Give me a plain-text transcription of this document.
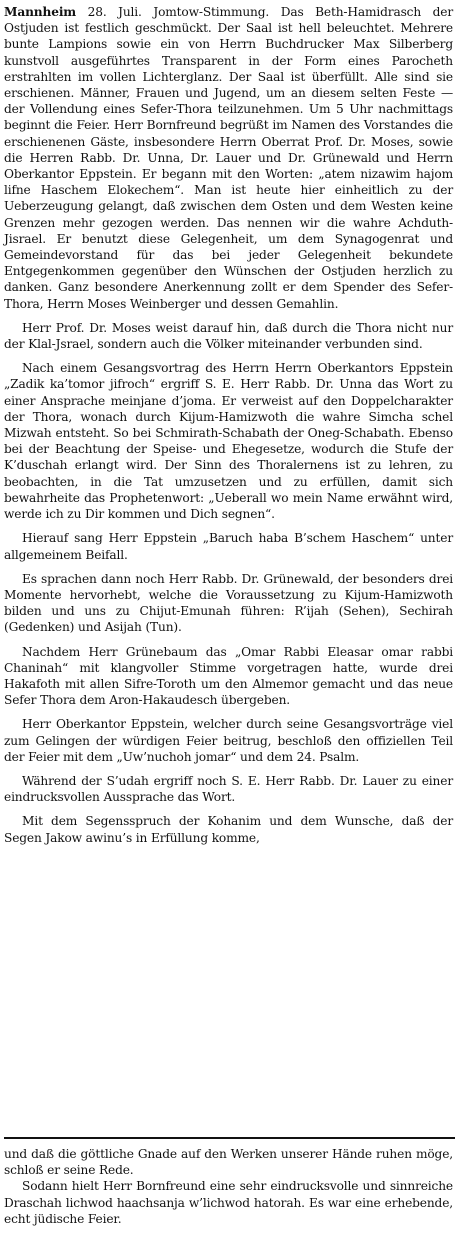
Mannheim 28. Juli. Jomtow-Stimmung. Das Beth-Hamidrasch der Ostjuden ist festlich geschmückt. Der Saal ist hell beleuchtet. Mehrere bunte Lampions sowie ein von Herrn Buchdrucker Max Silberberg kunstvoll ausgeführtes Transparent in der Form eines Parocheth erstrahlten im vollen Lichterglanz. Der Saal ist überfüllt. Alle sind sie erschienen. Männer, Frauen und Jugend, um an diesem selten Feste — der Vollendung eines Sefer-Thora teilzunehmen. Um 5 Uhr nachmittags beginnt die Feier. Herr Bornfreund begrüßt im Namen des Vorstandes die erschienenen Gäste, insbesondere Herrn Oberrat Prof. Dr. Moses, sowie die Herren Rabb. Dr. Unna, Dr. Lauer und Dr. Grünewald und Herrn Oberkantor Eppstein. Er begann mit den Worten: „atem nizawim hajom lifne Haschem Elokechem“. Man ist heute hier einheitlich zu der Ueberzeugung gelangt, daß zwischen dem Osten und dem Westen keine Grenzen mehr gezogen werden. Das nennen wir die wahre Achduth-Jisrael. Er benutzt diese Gelegenheit, um dem Synagogenrat und Gemeindevorstand für das bei jeder Gelegenheit bekundete Entgegenkommen gegenüber den Wünschen der Ostjuden herzlich zu danken. Ganz besondere Anerkennung zollt er dem Spender des Sefer-Thora, Herrn Moses Weinberger und dessen Gemahlin.

Herr Prof. Dr. Moses weist darauf hin, daß durch die Thora nicht nur der Klal-Jsrael, sondern auch die Völker miteinander verbunden sind.

Nach einem Gesangsvortrag des Herrn Herrn Oberkantors Eppstein „Zadik ka’tomor jifroch“ ergriff S. E. Herr Rabb. Dr. Unna das Wort zu einer Ansprache meinjane d’joma. Er verweist auf den Doppelcharakter der Thora, wonach durch Kijum-Hamizwoth die wahre Simcha schel Mizwah entsteht. So bei Schmirath-Schabath der Oneg-Schabath. Ebenso bei der Beachtung der Speise- und Ehegesetze, wodurch die Stufe der K’duschah erlangt wird. Der Sinn des Thoralernens ist zu lehren, zu beobachten, in die Tat umzusetzen und zu erfüllen, damit sich bewahrheite das Prophetenwort: „Ueberall wo mein Name erwähnt wird, werde ich zu Dir kommen und Dich segnen“.

Hierauf sang Herr Eppstein „Baruch haba B’schem Haschem“ unter allgemeinem Beifall.

Es sprachen dann noch Herr Rabb. Dr. Grünewald, der besonders drei Momente hervorhebt, welche die Voraussetzung zu Kijum-Hamizwoth bilden und uns zu Chijut-Emunah führen: R’ijah (Sehen), Sechirah (Gedenken) und Asijah (Tun).

Nachdem Herr Grünebaum das „Omar Rabbi Eleasar omar rabbi Chaninah“ mit klangvoller Stimme vorgetragen hatte, wurde drei Hakafoth mit allen Sifre-Toroth um den Almemor gemacht und das neue Sefer Thora dem Aron-Hakaudesch übergeben.

Herr Oberkantor Eppstein, welcher durch seine Gesangsvorträge viel zum Gelingen der würdigen Feier beitrug, beschloß den offiziellen Teil der Feier mit dem „Uw’nuchoh jomar“ und dem 24. Psalm.

Während der S’udah ergriff noch S. E. Herr Rabb. Dr. Lauer zu einer eindrucksvollen Aussprache das Wort.

Mit dem Segensspruch der Kohanim und dem Wunsche, daß der Segen Jakow awinu’s in Erfüllung komme,

und daß die göttliche Gnade auf den Werken unserer Hände ruhen möge, schloß er seine Rede.

Sodann hielt Herr Bornfreund eine sehr eindrucksvolle und sinnreiche Draschah lichwod haachsanja w’lichwod hatorah. Es war eine erhebende, echt jüdische Feier.
